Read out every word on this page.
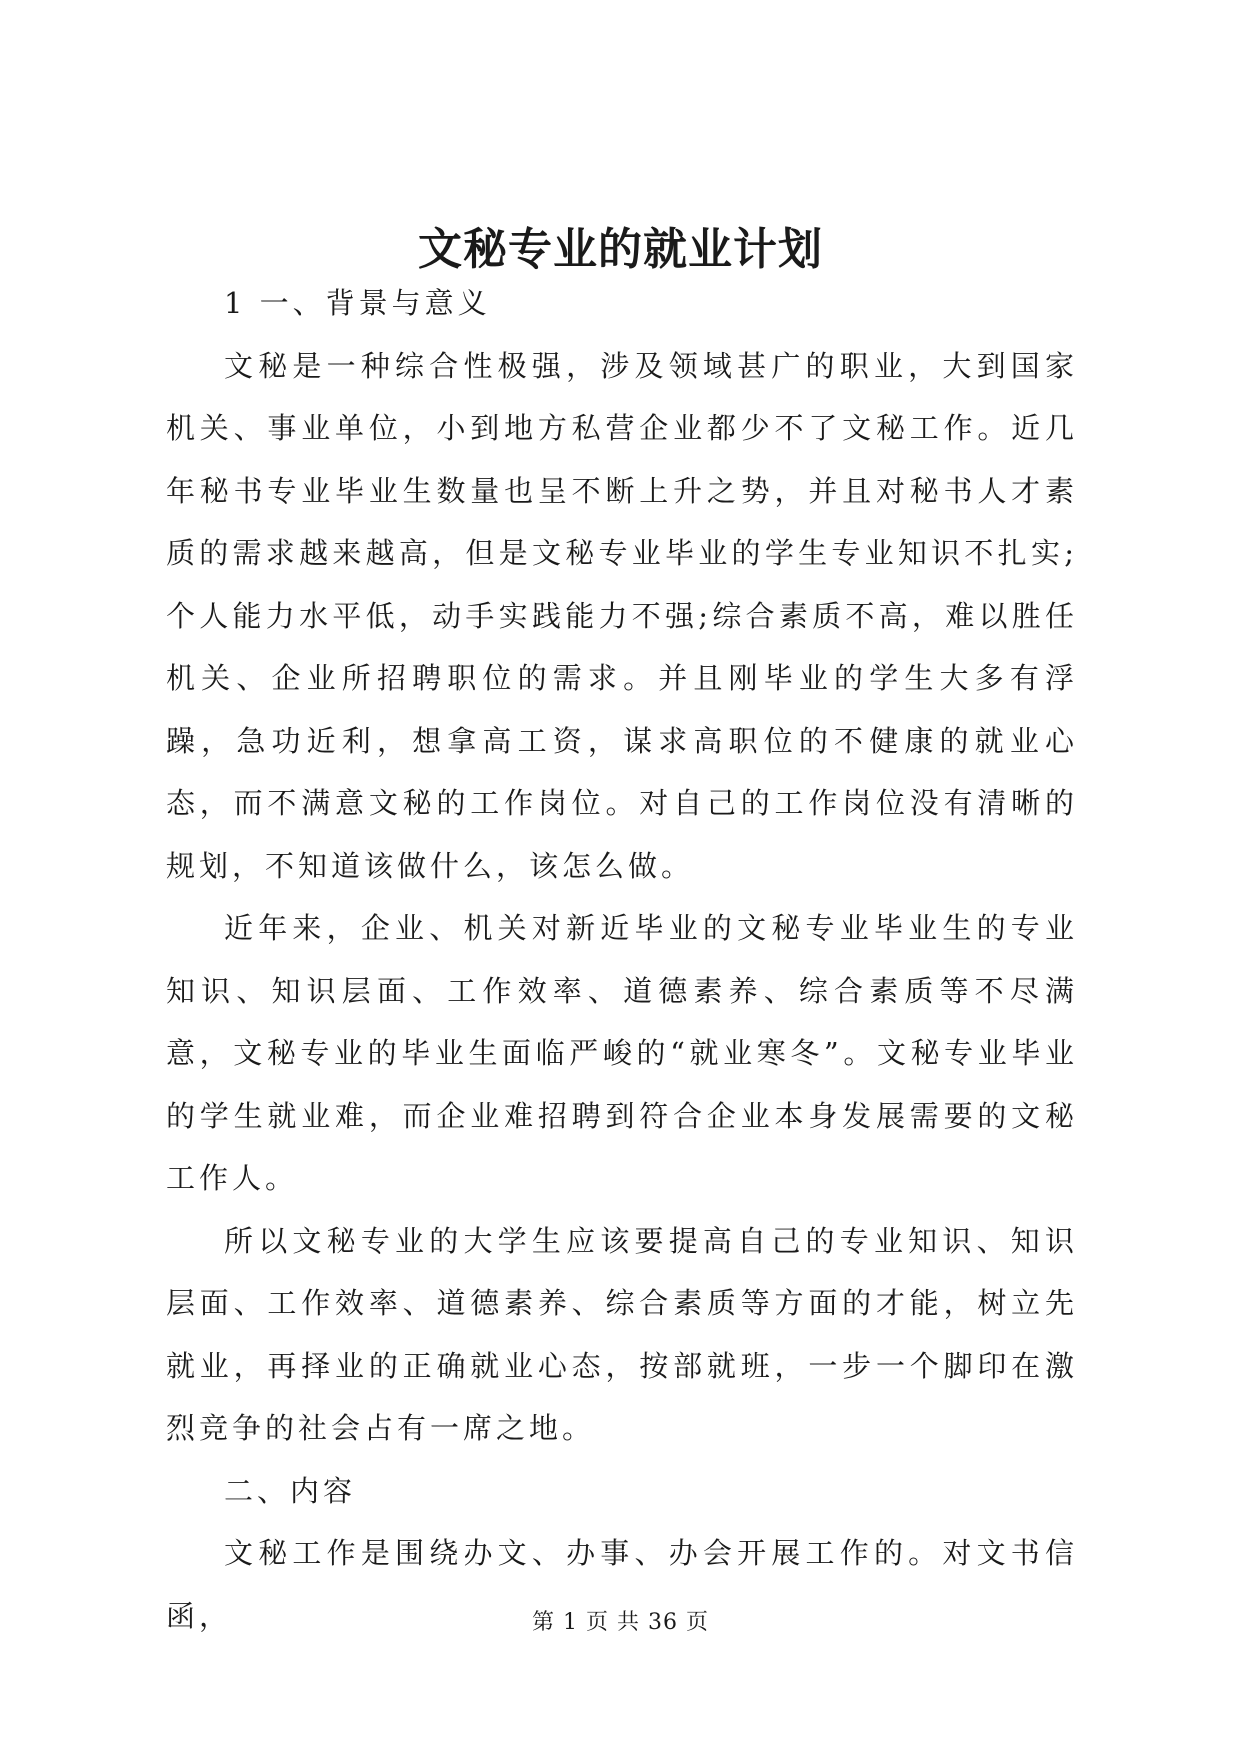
文秘专业的就业计划

1 一、背景与意义

文秘是一种综合性极强，涉及领域甚广的职业，大到国家机关、事业单位，小到地方私营企业都少不了文秘工作。近几年秘书专业毕业生数量也呈不断上升之势，并且对秘书人才素质的需求越来越高，但是文秘专业毕业的学生专业知识不扎实;个人能力水平低，动手实践能力不强;综合素质不高，难以胜任机关、企业所招聘职位的需求。并且刚毕业的学生大多有浮躁，急功近利，想拿高工资，谋求高职位的不健康的就业心态，而不满意文秘的工作岗位。对自己的工作岗位没有清晰的规划，不知道该做什么，该怎么做。

近年来，企业、机关对新近毕业的文秘专业毕业生的专业知识、知识层面、工作效率、道德素养、综合素质等不尽满意，文秘专业的毕业生面临严峻的“就业寒冬”。文秘专业毕业的学生就业难，而企业难招聘到符合企业本身发展需要的文秘工作人。

所以文秘专业的大学生应该要提高自己的专业知识、知识层面、工作效率、道德素养、综合素质等方面的才能，树立先就业，再择业的正确就业心态，按部就班，一步一个脚印在激烈竞争的社会占有一席之地。

二、内容

文秘工作是围绕办文、办事、办会开展工作的。对文书信函，	第 1 页 共 36 页
